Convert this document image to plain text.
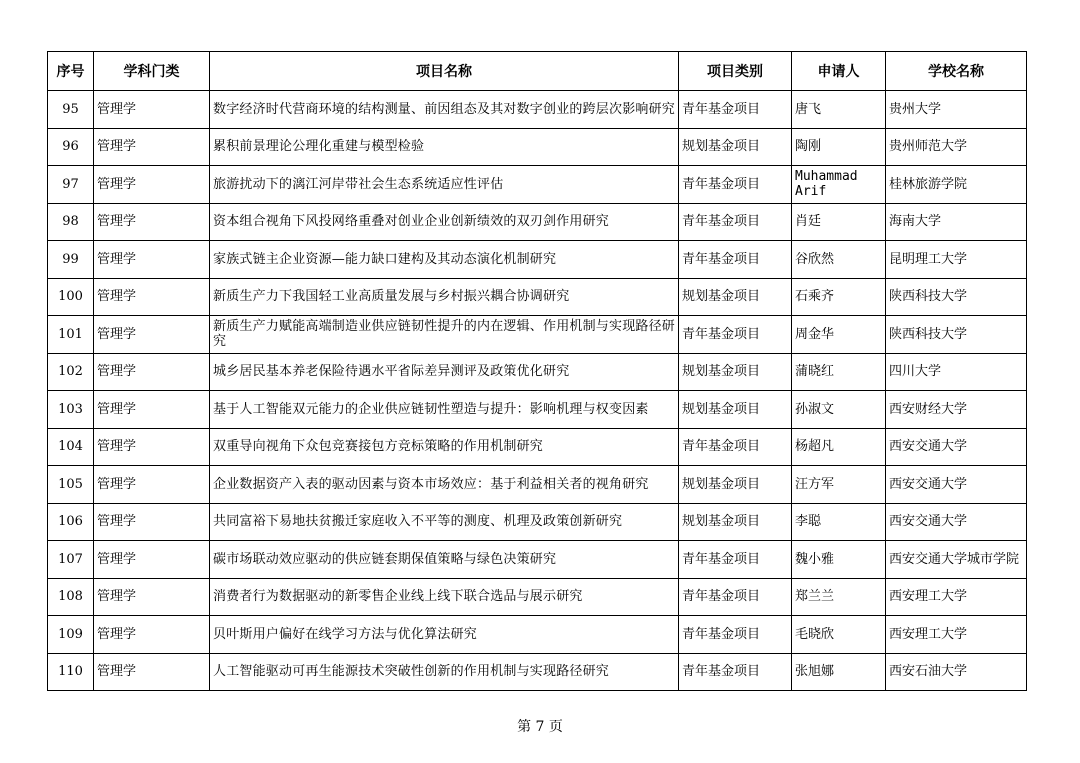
序号	学科门类	项目名称	项目类别	申请人	学校名称
95	管理学	数字经济时代营商环境的结构测量、前因组态及其对数字创业的跨层次影响研究	青年基金项目	唐飞	贵州大学
96	管理学	累积前景理论公理化重建与模型检验	规划基金项目	陶刚	贵州师范大学
97	管理学	旅游扰动下的漓江河岸带社会生态系统适应性评估	青年基金项目	Muhammad Arif	桂林旅游学院
98	管理学	资本组合视角下风投网络重叠对创业企业创新绩效的双刃剑作用研究	青年基金项目	肖廷	海南大学
99	管理学	家族式链主企业资源—能力缺口建构及其动态演化机制研究	青年基金项目	谷欣然	昆明理工大学
100	管理学	新质生产力下我国轻工业高质量发展与乡村振兴耦合协调研究	规划基金项目	石乘齐	陕西科技大学
101	管理学	新质生产力赋能高端制造业供应链韧性提升的内在逻辑、作用机制与实现路径研究	青年基金项目	周金华	陕西科技大学
102	管理学	城乡居民基本养老保险待遇水平省际差异测评及政策优化研究	规划基金项目	蒲晓红	四川大学
103	管理学	基于人工智能双元能力的企业供应链韧性塑造与提升：影响机理与权变因素	规划基金项目	孙淑文	西安财经大学
104	管理学	双重导向视角下众包竞赛接包方竞标策略的作用机制研究	青年基金项目	杨超凡	西安交通大学
105	管理学	企业数据资产入表的驱动因素与资本市场效应：基于利益相关者的视角研究	规划基金项目	汪方军	西安交通大学
106	管理学	共同富裕下易地扶贫搬迁家庭收入不平等的测度、机理及政策创新研究	规划基金项目	李聪	西安交通大学
107	管理学	碳市场联动效应驱动的供应链套期保值策略与绿色决策研究	青年基金项目	魏小雅	西安交通大学城市学院
108	管理学	消费者行为数据驱动的新零售企业线上线下联合选品与展示研究	青年基金项目	郑兰兰	西安理工大学
109	管理学	贝叶斯用户偏好在线学习方法与优化算法研究	青年基金项目	毛晓欣	西安理工大学
110	管理学	人工智能驱动可再生能源技术突破性创新的作用机制与实现路径研究	青年基金项目	张旭娜	西安石油大学
第 7 页
